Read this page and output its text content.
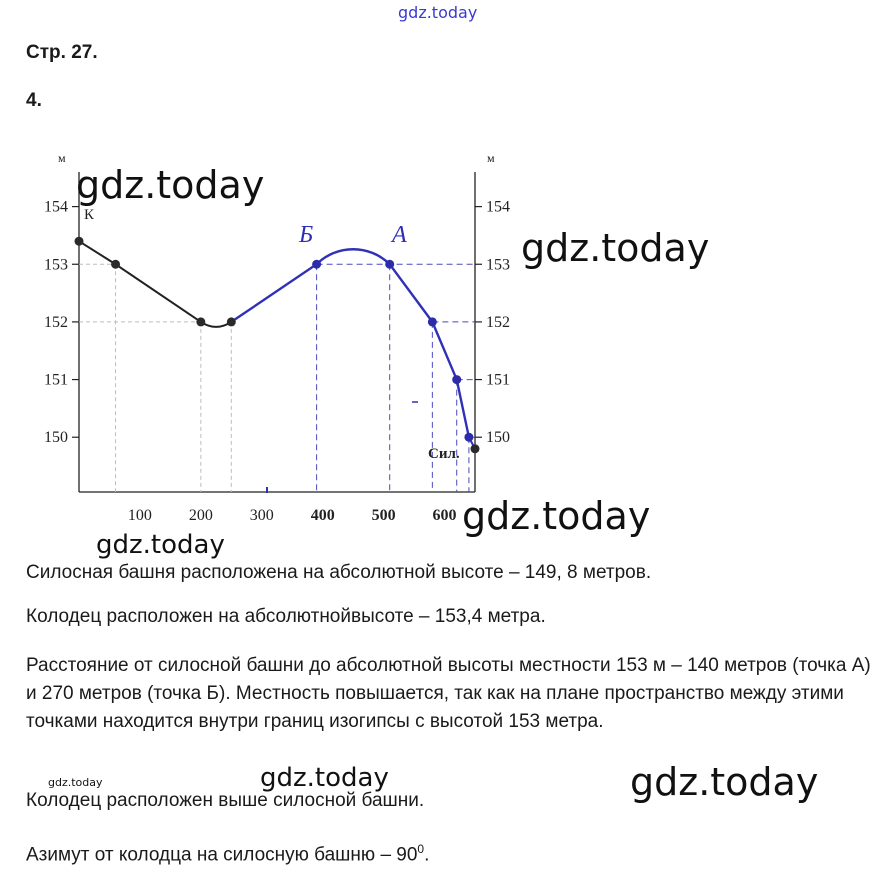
gdz.today
Стр. 27.
4.
м	м
154	154
153	153
152	152
151	151
150	150
100 200 300 400 500 600
К
Б	А
Сил.
gdz.today
gdz.today
gdz.today
gdz.today
gdz.today	gdz.today	gdz.today
Силосная башня расположена на абсолютной высоте – 149, 8 метров.
Колодец расположен на абсолютнойвысоте – 153,4 метра.
Расстояние от силосной башни до абсолютной высоты местности 153 м – 140 метров (точка А) и 270 метров (точка Б). Местность повышается, так как на плане пространство между этими точками находится внутри границ изогипсы с высотой 153 метра.
Колодец расположен выше силосной башни.
Азимут от колодца на силосную башню – $90^0$.
